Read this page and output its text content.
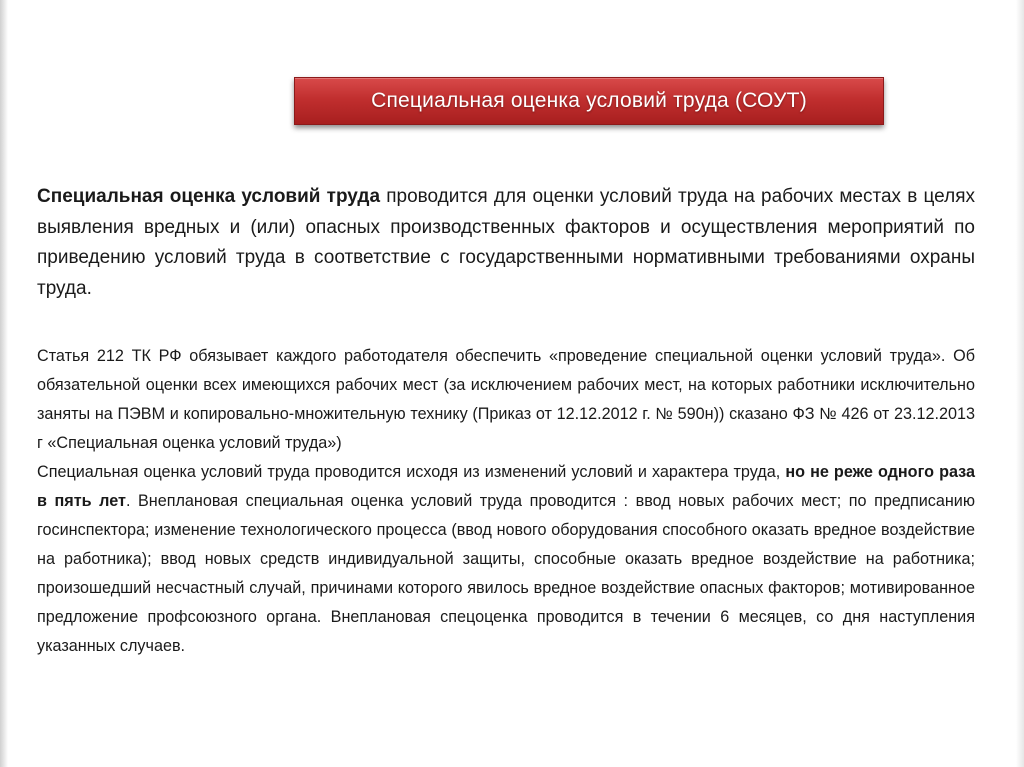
Специальная оценка условий труда (СОУТ)

Специальная оценка условий труда проводится для оценки условий труда на рабочих местах в целях выявления вредных и (или) опасных производственных факторов и осуществления мероприятий по приведению условий труда в соответствие с государственными нормативными требованиями охраны труда.

Статья 212 ТК РФ обязывает каждого работодателя обеспечить «проведение специальной оценки условий труда». Об обязательной оценки всех имеющихся рабочих мест (за исключением рабочих мест, на которых работники исключительно заняты на ПЭВМ и копировально-множительную технику (Приказ от 12.12.2012 г. № 590н)) сказано ФЗ № 426 от 23.12.2013 г «Специальная оценка условий труда»)

Специальная оценка условий труда проводится исходя из изменений условий и характера труда, но не реже одного раза в пять лет. Внеплановая специальная оценка условий труда проводится : ввод новых рабочих мест; по предписанию госинспектора; изменение технологического процесса (ввод нового оборудования способного оказать вредное воздействие на работника); ввод новых средств индивидуальной защиты, способные оказать вредное воздействие на работника; произошедший несчастный случай, причинами которого явилось вредное воздействие опасных факторов; мотивированное предложение профсоюзного органа. Внеплановая спецоценка проводится в течении 6 месяцев, со дня наступления указанных случаев.
